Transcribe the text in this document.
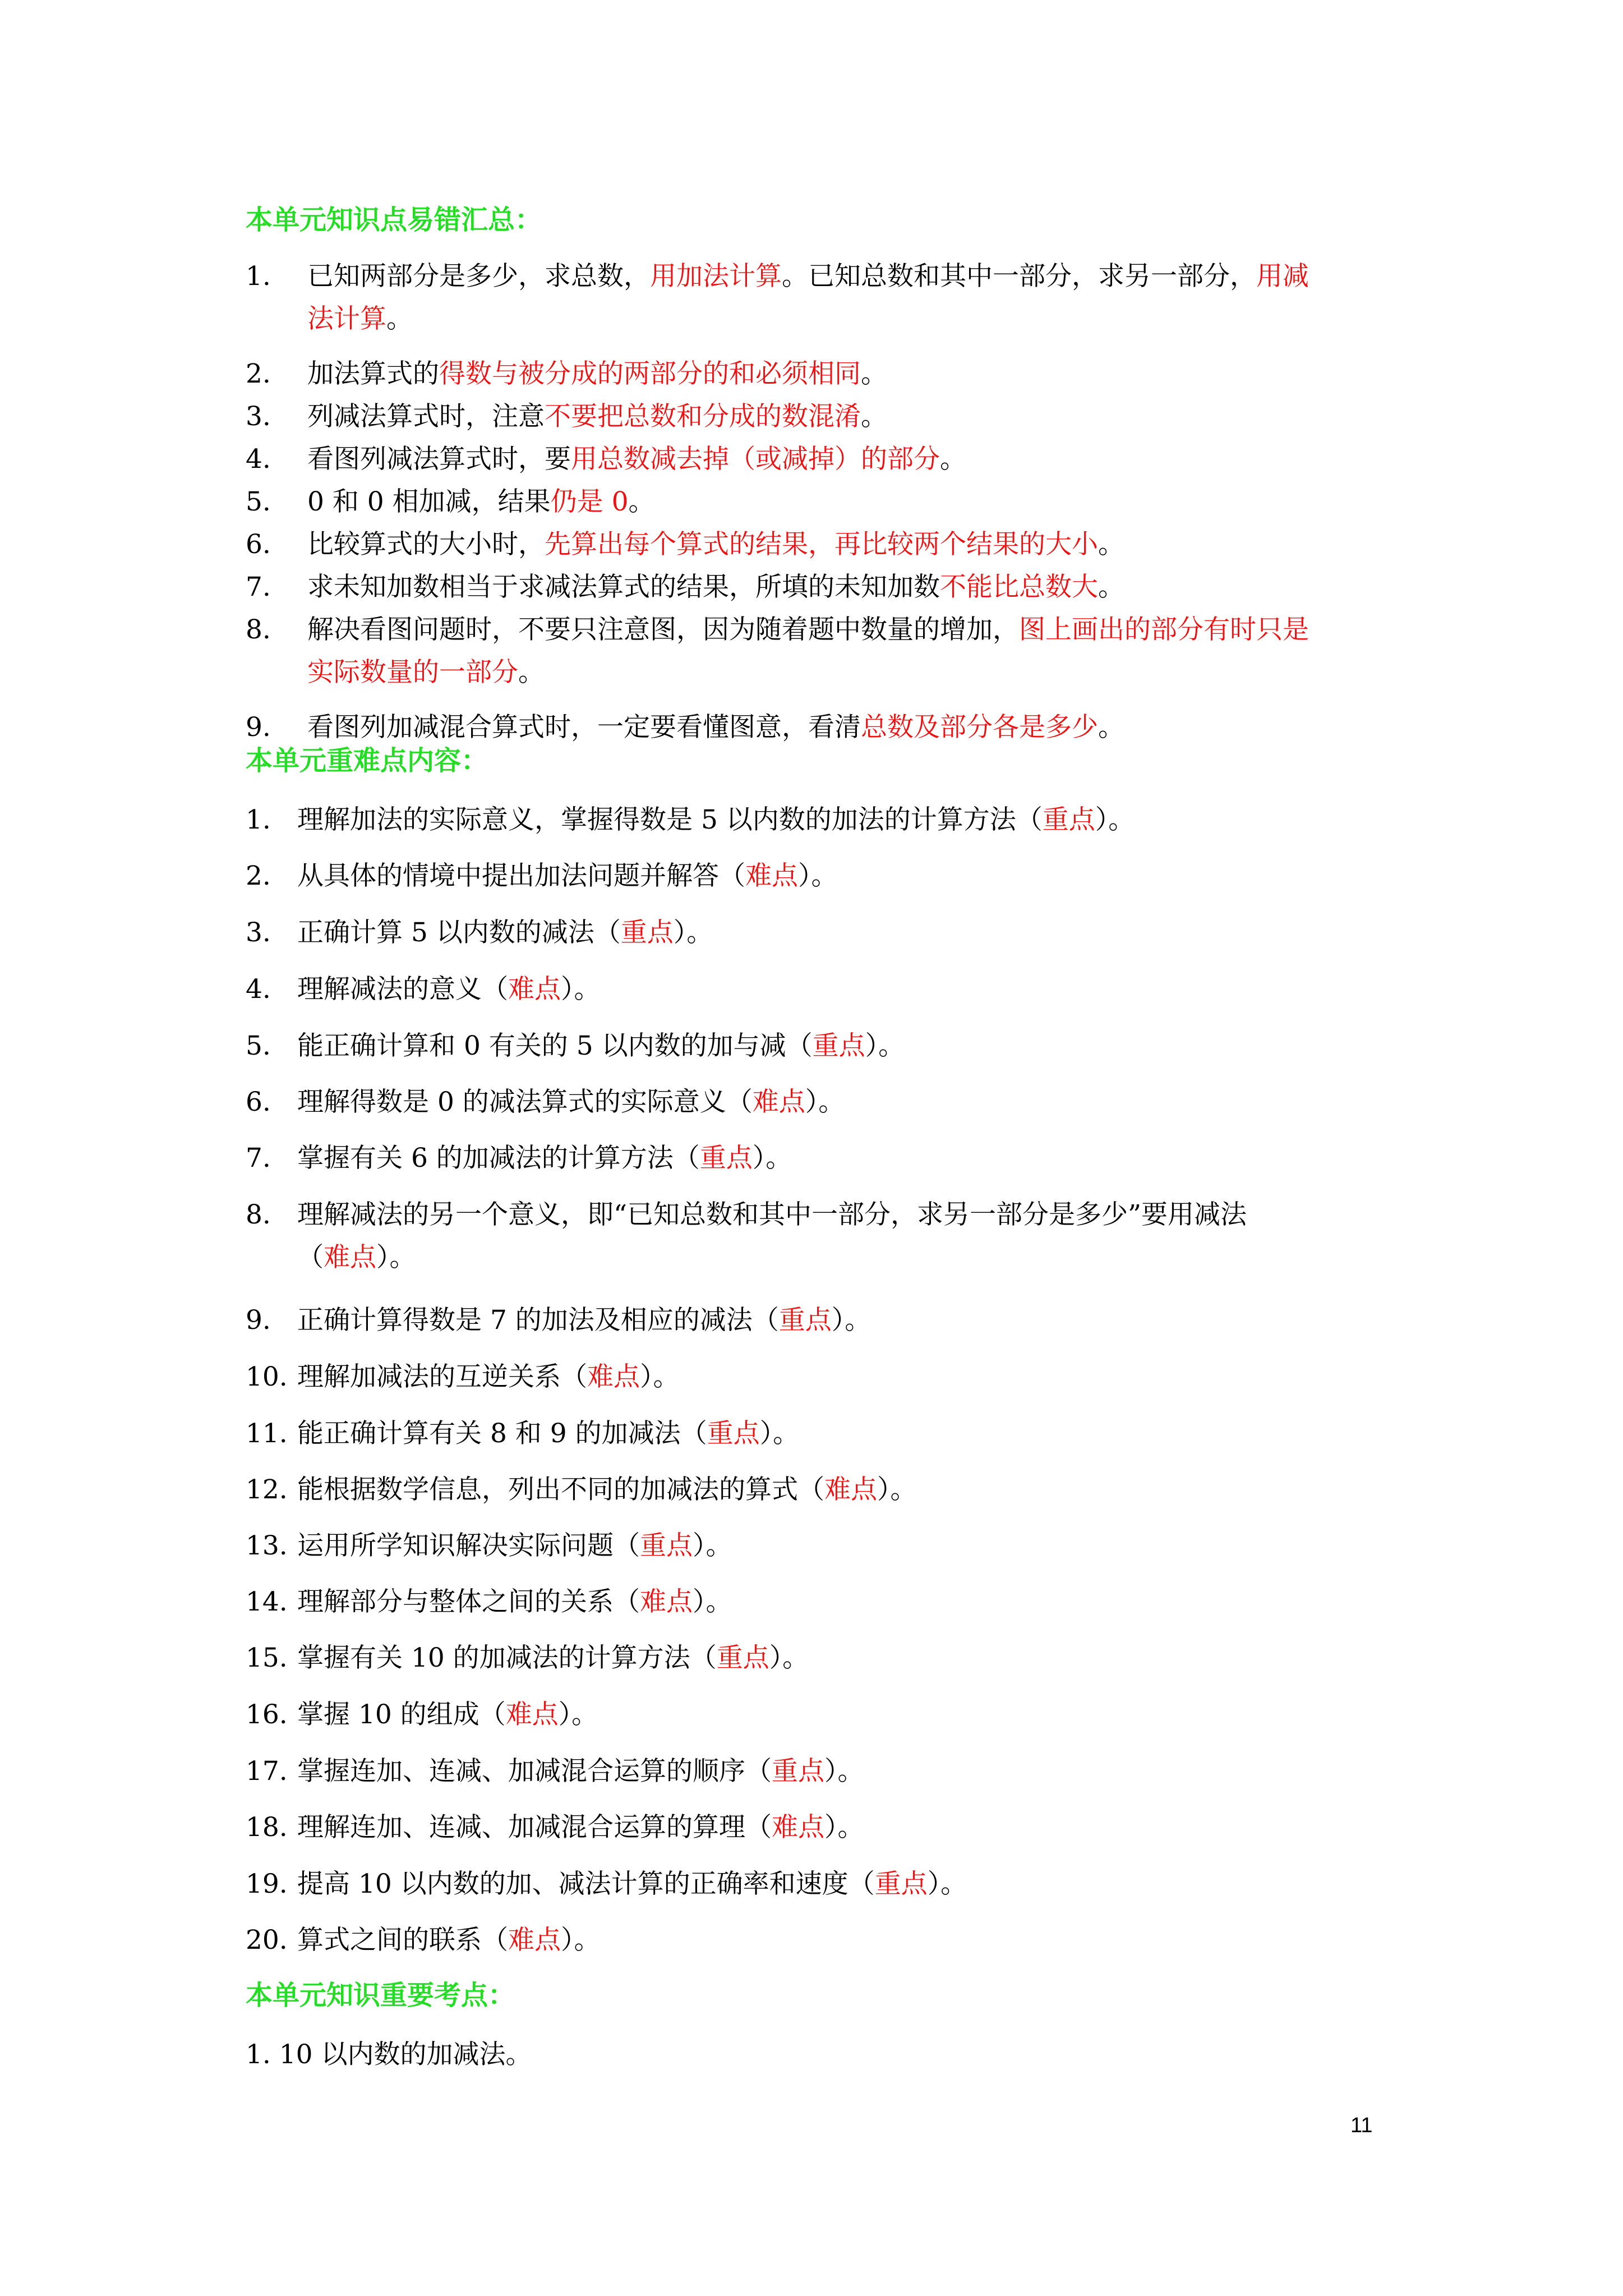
本单元知识点易错汇总：
1. 已知两部分是多少，求总数，用加法计算。已知总数和其中一部分，求另一部分，用减
法计算。
2. 加法算式的得数与被分成的两部分的和必须相同。
3. 列减法算式时，注意不要把总数和分成的数混淆。
4. 看图列减法算式时，要用总数减去掉（或减掉）的部分。
5. 0 和 0 相加减，结果仍是 0。
6. 比较算式的大小时，先算出每个算式的结果，再比较两个结果的大小。
7. 求未知加数相当于求减法算式的结果，所填的未知加数不能比总数大。
8. 解决看图问题时，不要只注意图，因为随着题中数量的增加，图上画出的部分有时只是
实际数量的一部分。
9. 看图列加减混合算式时，一定要看懂图意，看清总数及部分各是多少。
本单元重难点内容：
1. 理解加法的实际意义，掌握得数是 5 以内数的加法的计算方法（重点）。
2. 从具体的情境中提出加法问题并解答（难点）。
3. 正确计算 5 以内数的减法（重点）。
4. 理解减法的意义（难点）。
5. 能正确计算和 0 有关的 5 以内数的加与减（重点）。
6. 理解得数是 0 的减法算式的实际意义（难点）。
7. 掌握有关 6 的加减法的计算方法（重点）。
8. 理解减法的另一个意义，即“已知总数和其中一部分，求另一部分是多少”要用减法
（难点）。
9. 正确计算得数是 7 的加法及相应的减法（重点）。
10. 理解加减法的互逆关系（难点）。
11. 能正确计算有关 8 和 9 的加减法（重点）。
12. 能根据数学信息，列出不同的加减法的算式（难点）。
13. 运用所学知识解决实际问题（重点）。
14. 理解部分与整体之间的关系（难点）。
15. 掌握有关 10 的加减法的计算方法（重点）。
16. 掌握 10 的组成（难点）。
17. 掌握连加、连减、加减混合运算的顺序（重点）。
18. 理解连加、连减、加减混合运算的算理（难点）。
19. 提高 10 以内数的加、减法计算的正确率和速度（重点）。
20. 算式之间的联系（难点）。
本单元知识重要考点：
1. 10 以内数的加减法。
11
